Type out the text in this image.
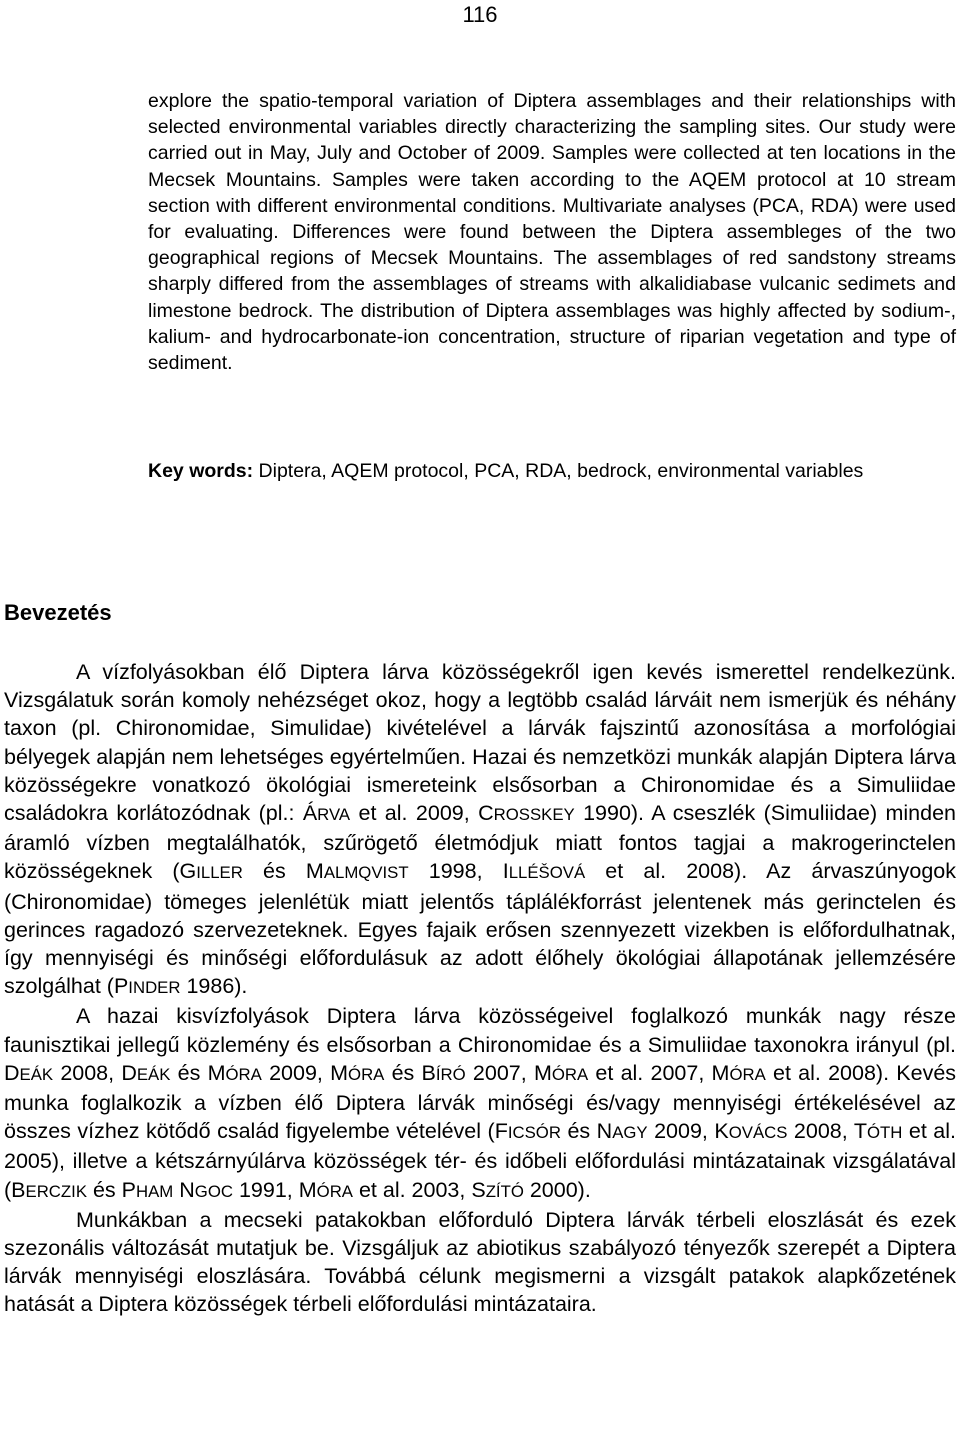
116

explore the spatio-temporal variation of Diptera assemblages and their relationships with selected environmental variables directly characterizing the sampling sites. Our study were carried out in May, July and October of 2009. Samples were collected at ten locations in the Mecsek Mountains. Samples were taken according to the AQEM protocol at 10 stream section with different environmental conditions. Multivariate analyses (PCA, RDA) were used for evaluating. Differences were found between the Diptera assembleges of the two geographical regions of Mecsek Mountains. The assemblages of red sandstony streams sharply differed from the assemblages of streams with alkalidiabase vulcanic sedimets and limestone bedrock. The distribution of Diptera assemblages was highly affected by sodium-, kalium- and hydrocarbonate-ion concentration, structure of riparian vegetation and type of sediment.

Key words: Diptera, AQEM protocol, PCA, RDA, bedrock, environmental variables

Bevezetés

A vízfolyásokban élő Diptera lárva közösségekről igen kevés ismerettel rendelkezünk. Vizsgálatuk során komoly nehézséget okoz, hogy a legtöbb család lárváit nem ismerjük és néhány taxon (pl. Chironomidae, Simulidae) kivételével a lárvák fajszintű azonosítása a morfológiai bélyegek alapján nem lehetséges egyértelműen. Hazai és nemzetközi munkák alapján Diptera lárva közösségekre vonatkozó ökológiai ismereteink elsősorban a Chironomidae és a Simuliidae családokra korlátozódnak (pl.: ÁRVA et al. 2009, CROSSKEY 1990). A cseszlék (Simuliidae) minden áramló vízben megtalálhatók, szűrögető életmódjuk miatt fontos tagjai a makrogerinctelen közösségeknek (GILLER és MALMQVIST 1998, ILLÉŠOVÁ et al. 2008). Az árvaszúnyogok (Chironomidae) tömeges jelenlétük miatt jelentős táplálékforrást jelentenek más gerinctelen és gerinces ragadozó szervezeteknek. Egyes fajaik erősen szennyezett vizekben is előfordulhatnak, így mennyiségi és minőségi előfordulásuk az adott élőhely ökológiai állapotának jellemzésére szolgálhat (PINDER 1986).

A hazai kisvízfolyások Diptera lárva közösségeivel foglalkozó munkák nagy része faunisztikai jellegű közlemény és elsősorban a Chironomidae és a Simuliidae taxonokra irányul (pl. DEÁK 2008, DEÁK és MÓRA 2009, MÓRA és BÍRÓ 2007, MÓRA et al. 2007, MÓRA et al. 2008). Kevés munka foglalkozik a vízben élő Diptera lárvák minőségi és/vagy mennyiségi értékelésével az összes vízhez kötődő család figyelembe vételével (FICSÓR és NAGY 2009, KOVÁCS 2008, TÓTH et al. 2005), illetve a kétszárnyúlárva közösségek tér- és időbeli előfordulási mintázatainak vizsgálatával (BERCZIK és PHAM NGOC 1991, MÓRA et al. 2003, SZÍTÓ 2000).

Munkákban a mecseki patakokban előforduló Diptera lárvák térbeli eloszlását és ezek szezonális változását mutatjuk be. Vizsgáljuk az abiotikus szabályozó tényezők szerepét a Diptera lárvák mennyiségi eloszlására. Továbbá célunk megismerni a vizsgált patakok alapkőzetének hatását a Diptera közösségek térbeli előfordulási mintázataira.
